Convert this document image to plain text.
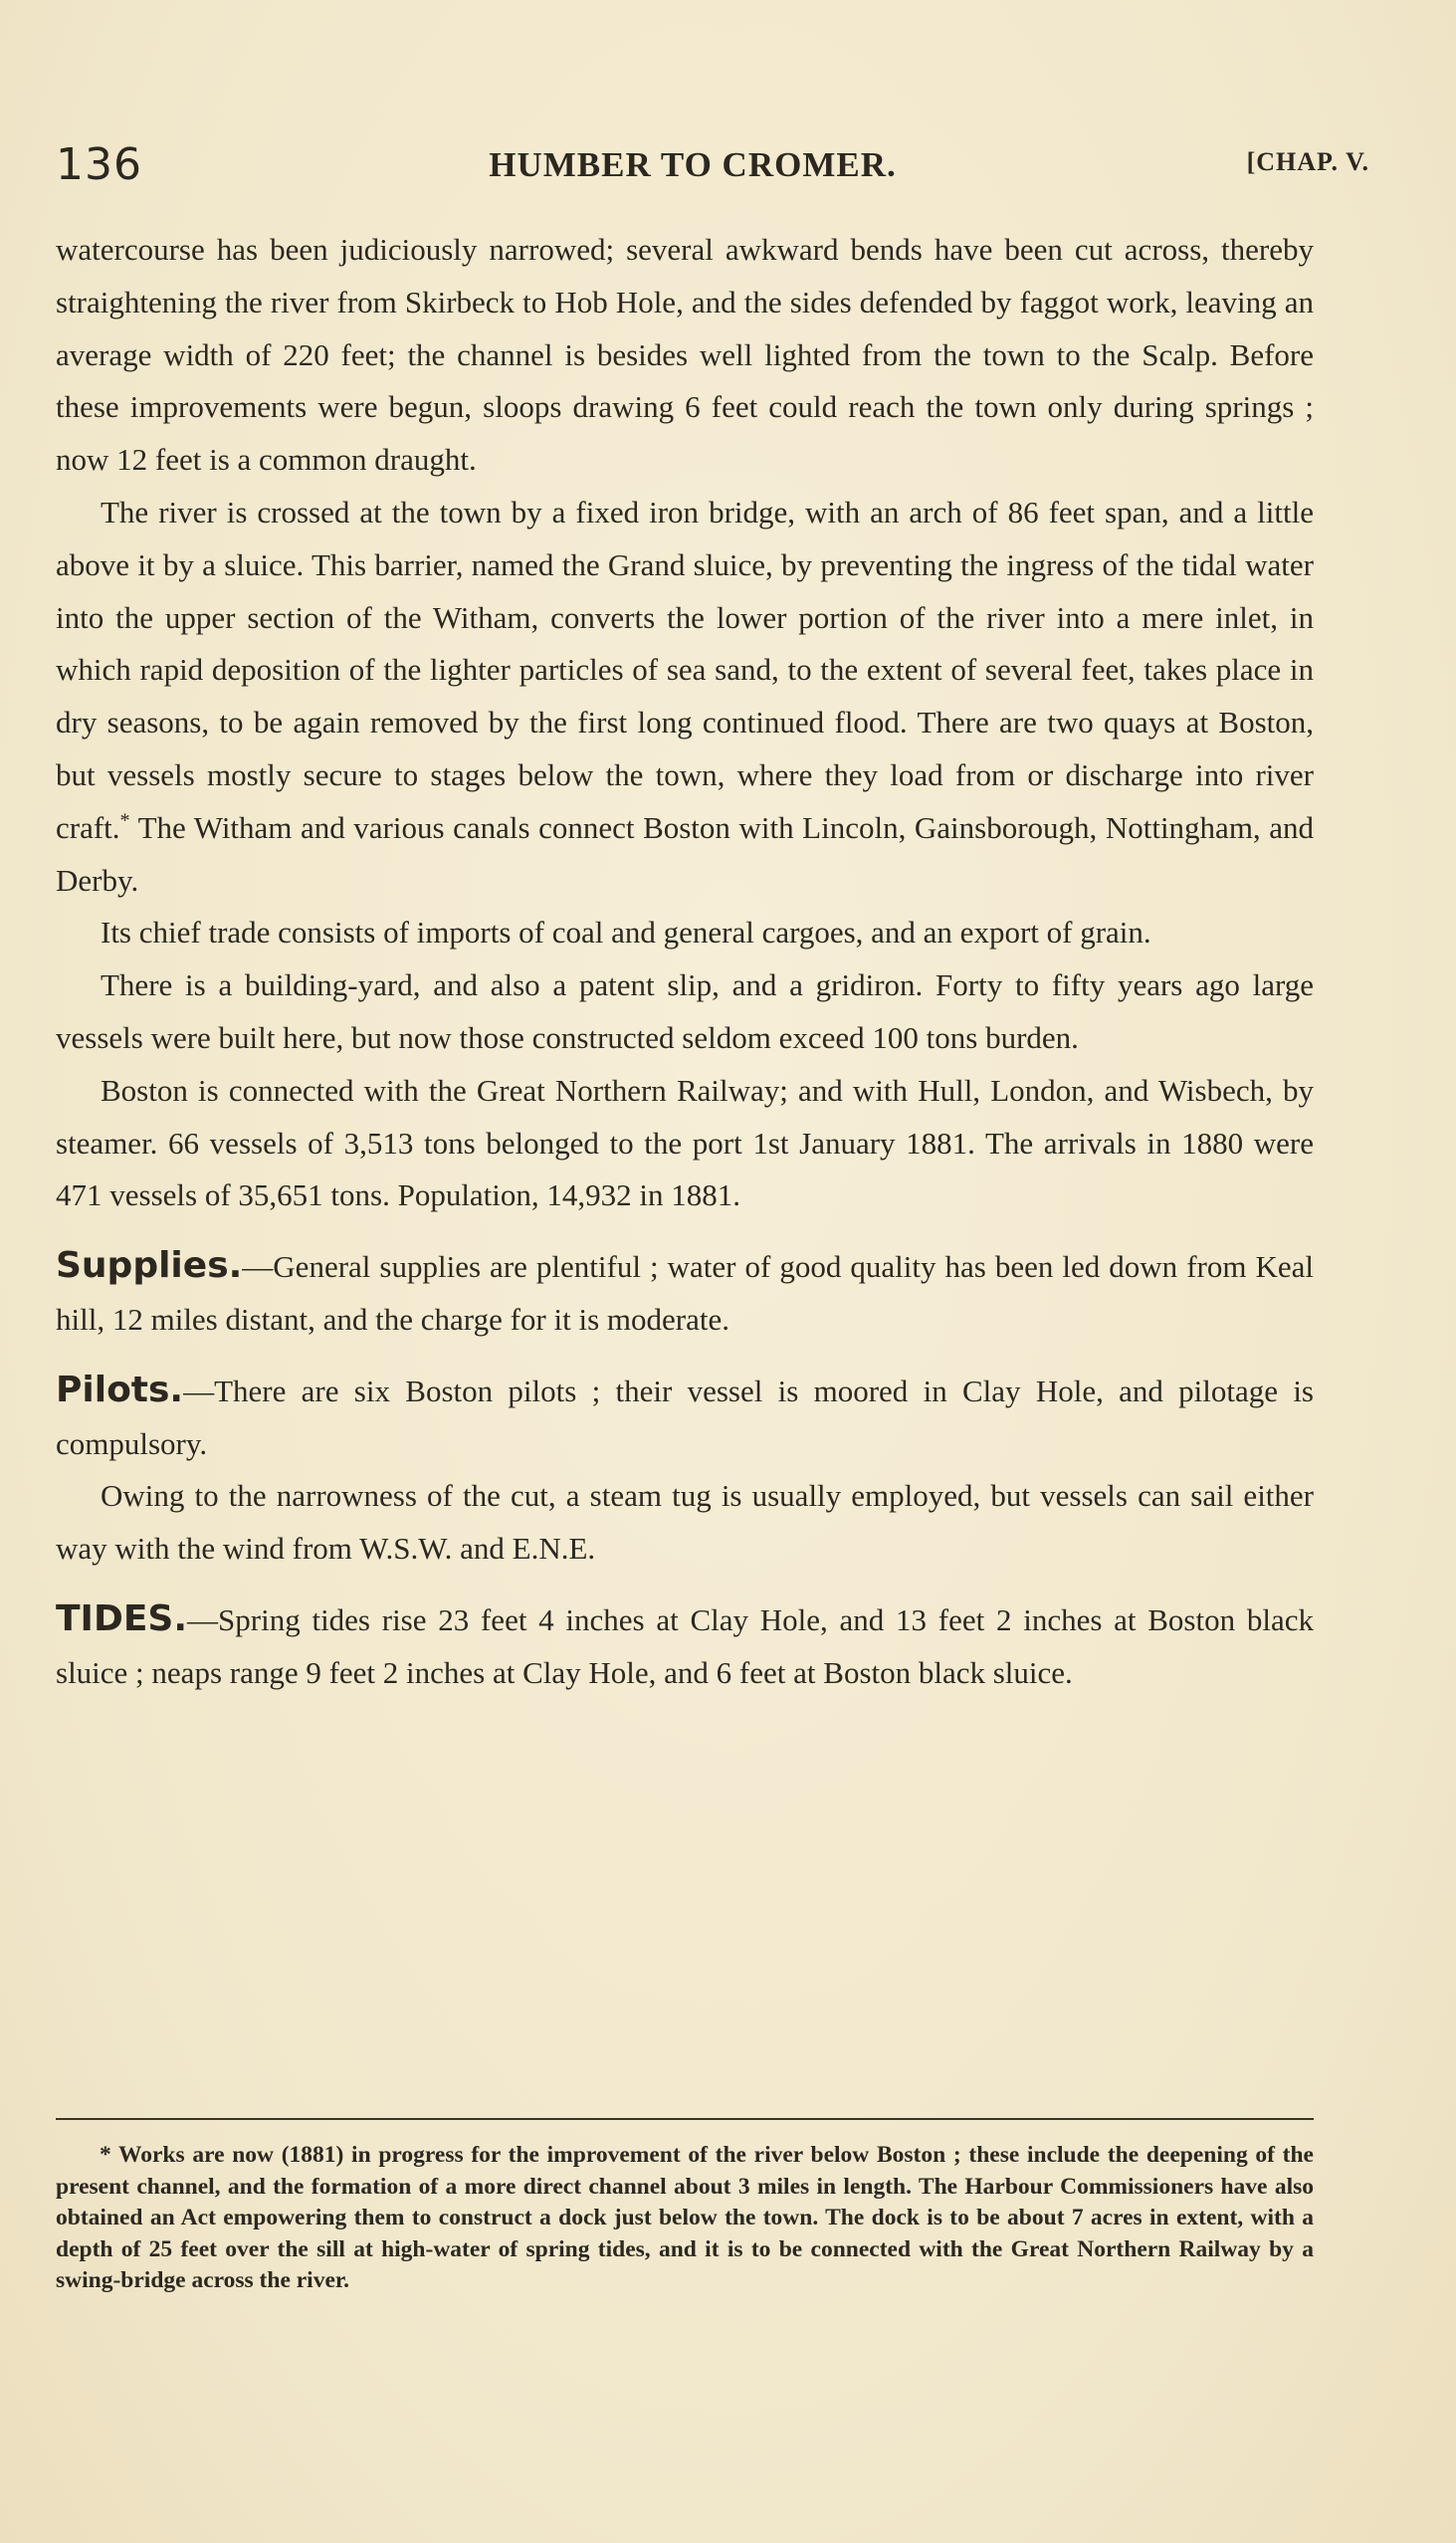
136	HUMBER TO CROMER.	[CHAP. V.

watercourse has been judiciously narrowed; several awkward bends have been cut across, thereby straightening the river from Skirbeck to Hob Hole, and the sides defended by faggot work, leaving an average width of 220 feet; the channel is besides well lighted from the town to the Scalp. Before these improvements were begun, sloops drawing 6 feet could reach the town only during springs ; now 12 feet is a common draught.

The river is crossed at the town by a fixed iron bridge, with an arch of 86 feet span, and a little above it by a sluice. This barrier, named the Grand sluice, by preventing the ingress of the tidal water into the upper section of the Witham, converts the lower portion of the river into a mere inlet, in which rapid deposition of the lighter particles of sea sand, to the extent of several feet, takes place in dry seasons, to be again removed by the first long continued flood. There are two quays at Boston, but vessels mostly secure to stages below the town, where they load from or discharge into river craft.* The Witham and various canals connect Boston with Lincoln, Gainsborough, Nottingham, and Derby.

Its chief trade consists of imports of coal and general cargoes, and an export of grain.

There is a building-yard, and also a patent slip, and a gridiron. Forty to fifty years ago large vessels were built here, but now those constructed seldom exceed 100 tons burden.

Boston is connected with the Great Northern Railway; and with Hull, London, and Wisbech, by steamer. 66 vessels of 3,513 tons belonged to the port 1st January 1881. The arrivals in 1880 were 471 vessels of 35,651 tons. Population, 14,932 in 1881.

Supplies.—General supplies are plentiful ; water of good quality has been led down from Keal hill, 12 miles distant, and the charge for it is moderate.

Pilots.—There are six Boston pilots ; their vessel is moored in Clay Hole, and pilotage is compulsory.

Owing to the narrowness of the cut, a steam tug is usually employed, but vessels can sail either way with the wind from W.S.W. and E.N.E.

TIDES.—Spring tides rise 23 feet 4 inches at Clay Hole, and 13 feet 2 inches at Boston black sluice ; neaps range 9 feet 2 inches at Clay Hole, and 6 feet at Boston black sluice.

* Works are now (1881) in progress for the improvement of the river below Boston ; these include the deepening of the present channel, and the formation of a more direct channel about 3 miles in length. The Harbour Commissioners have also obtained an Act empowering them to construct a dock just below the town. The dock is to be about 7 acres in extent, with a depth of 25 feet over the sill at high-water of spring tides, and it is to be connected with the Great Northern Railway by a swing-bridge across the river.
